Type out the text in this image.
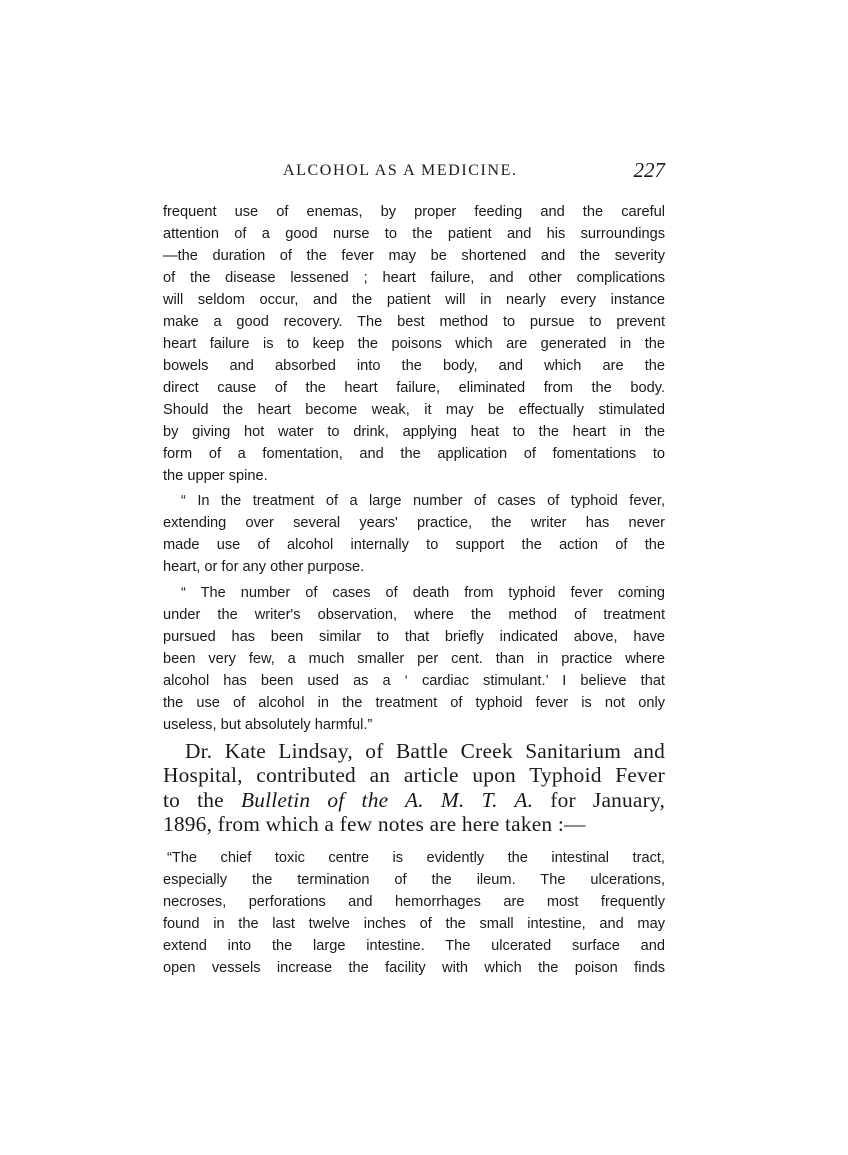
ALCOHOL AS A MEDICINE.	227
frequent use of enemas, by proper feeding and the careful
attention of a good nurse to the patient and his surroundings
—the duration of the fever may be shortened and the severity
of the disease lessened ; heart failure, and other complications
will seldom occur, and the patient will in nearly every instance
make a good recovery. The best method to pursue to prevent
heart failure is to keep the poisons which are generated in the
bowels and absorbed into the body, and which are the
direct cause of the heart failure, eliminated from the body.
Should the heart become weak, it may be effectually stimulated
by giving hot water to drink, applying heat to the heart in the
form of a fomentation, and the application of fomentations to
the upper spine.
“ In the treatment of a large number of cases of typhoid fever,
extending over several years' practice, the writer has never
made use of alcohol internally to support the action of the
heart, or for any other purpose.
“ The number of cases of death from typhoid fever coming
under the writer's observation, where the method of treatment
pursued has been similar to that briefly indicated above, have
been very few, a much smaller per cent. than in practice where
alcohol has been used as a ‘ cardiac stimulant.’ I believe that
the use of alcohol in the treatment of typhoid fever is not only
useless, but absolutely harmful.”
Dr. Kate Lindsay, of Battle Creek Sanitarium and
Hospital, contributed an article upon Typhoid Fever
to the Bulletin of the A. M. T. A. for January,
1896, from which a few notes are here taken :—
“The chief toxic centre is evidently the intestinal tract,
especially the termination of the ileum. The ulcerations,
necroses, perforations and hemorrhages are most frequently
found in the last twelve inches of the small intestine, and may
extend into the large intestine. The ulcerated surface and
open vessels increase the facility with which the poison finds
